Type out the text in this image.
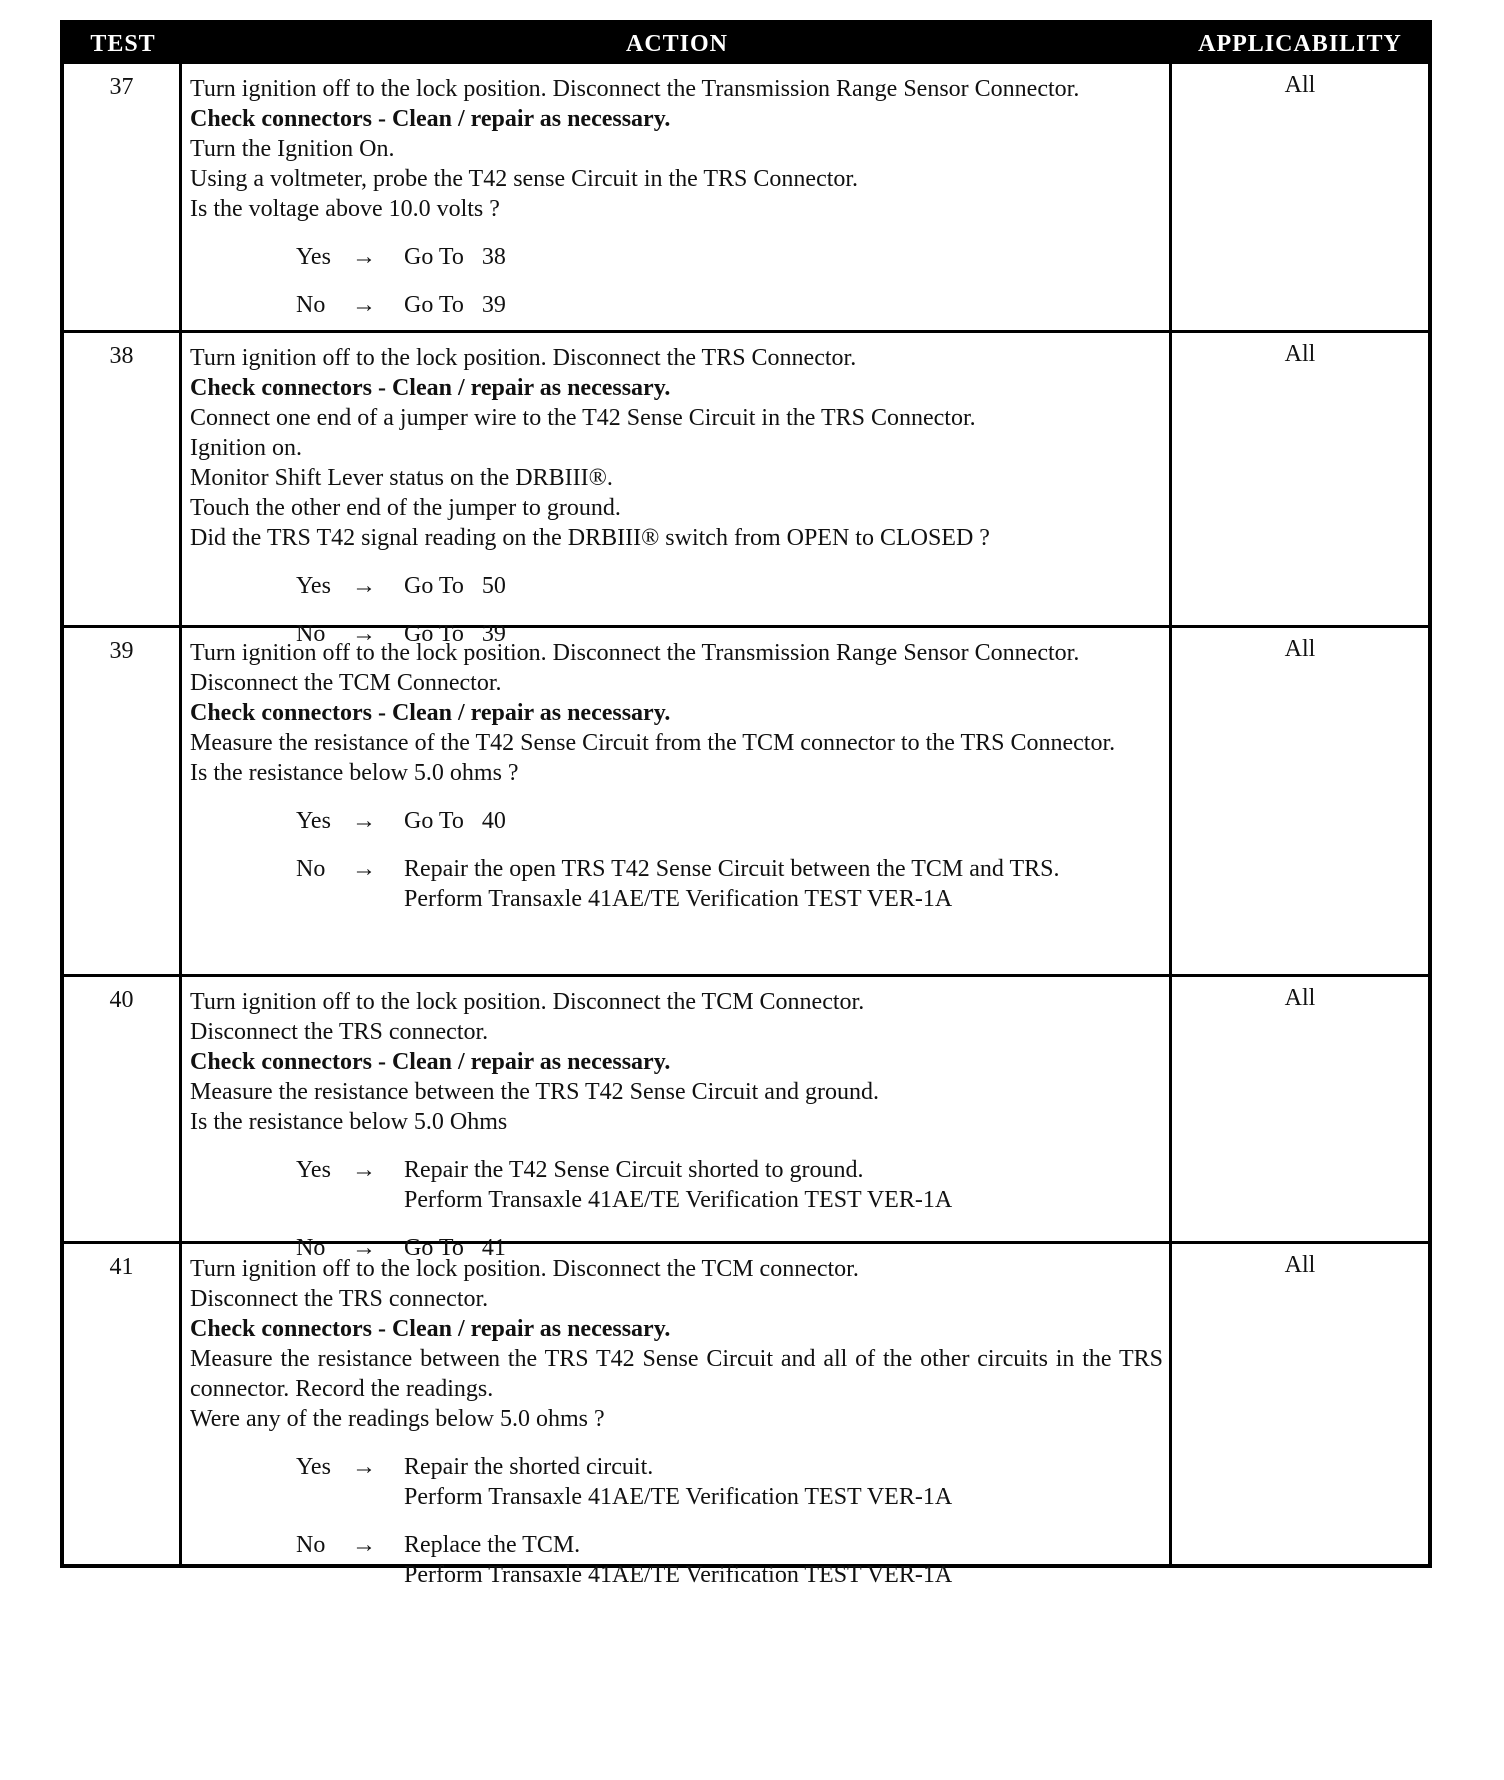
TEST	ACTION	APPLICABILITY
37	Turn ignition off to the lock position. Disconnect the Transmission Range Sensor Connector.
Check connectors - Clean / repair as necessary.
Turn the Ignition On.
Using a voltmeter, probe the T42 sense Circuit in the TRS Connector.
Is the voltage above 10.0 volts ?
Yes →	Go To   38
No	→	Go To   39
All
38	Turn ignition off to the lock position. Disconnect the TRS Connector.
Check connectors - Clean / repair as necessary.
Connect one end of a jumper wire to the T42 Sense Circuit in the TRS Connector.
Ignition on.
Monitor Shift Lever status on the DRBIII®.
Touch the other end of the jumper to ground.
Did the TRS T42 signal reading on the DRBIII® switch from OPEN to CLOSED ?
Yes →	Go To   50
No	→	Go To   39
All
39	Turn ignition off to the lock position. Disconnect the Transmission Range Sensor Connector.
Disconnect the TCM Connector.
Check connectors - Clean / repair as necessary.
Measure the resistance of the T42 Sense Circuit from the TCM connector to the TRS Connector.
Is the resistance below 5.0 ohms ?
Yes →	Go To   40
No	→	Repair the open TRS T42 Sense Circuit between the TCM and TRS.
Perform Transaxle 41AE/TE Verification TEST VER-1A
All
40	Turn ignition off to the lock position. Disconnect the TCM Connector.
Disconnect the TRS connector.
Check connectors - Clean / repair as necessary.
Measure the resistance between the TRS T42 Sense Circuit and ground.
Is the resistance below 5.0 Ohms
Yes →	Repair the T42 Sense Circuit shorted to ground.
Perform Transaxle 41AE/TE Verification TEST VER-1A
No	→	Go To   41
All
41	Turn ignition off to the lock position. Disconnect the TCM connector.
Disconnect the TRS connector.
Check connectors - Clean / repair as necessary.
Measure the resistance between the TRS T42 Sense Circuit and all of the other circuits in the TRS connector. Record the readings.
Were any of the readings below 5.0 ohms ?
Yes →	Repair the shorted circuit.
Perform Transaxle 41AE/TE Verification TEST VER-1A
No	→	Replace the TCM.
Perform Transaxle 41AE/TE Verification TEST VER-1A
All
